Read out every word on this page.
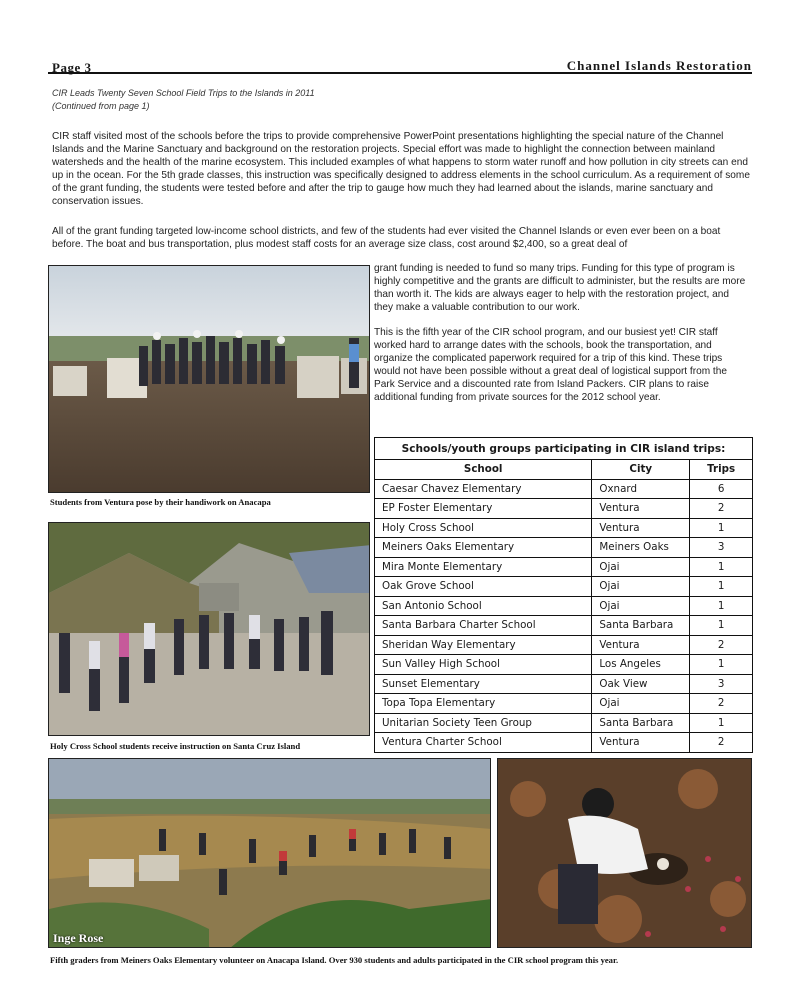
Page 3	Channel Islands Restoration
CIR Leads Twenty Seven School Field Trips to the Islands in 2011
(Continued from page 1)

CIR staff visited most of the schools before the trips to provide comprehensive PowerPoint presentations highlighting the special nature of the Channel Islands and the Marine Sanctuary and background on the restoration projects. Special effort was made to highlight the connection between mainland watersheds and the health of the marine ecosystem. This included examples of what happens to storm water runoff and how pollution in city streets can end up in the ocean. For the 5th grade classes, this instruction was specifically designed to address elements in the school curriculum. As a requirement of some of the grant funding, the students were tested before and after the trip to gauge how much they had learned about the islands, marine sanctuary and conservation issues.

All of the grant funding targeted low-income school districts, and few of the students had ever visited the Channel Islands or even ever been on a boat before. The boat and bus transportation, plus modest staff costs for an average size class, cost around $2,400, so a great deal of

grant funding is needed to fund so many trips. Funding for this type of program is highly competitive and the grants are difficult to administer, but the results are more than worth it. The kids are always eager to help with the restoration project, and they make a valuable contribution to our work.

This is the fifth year of the CIR school program, and our busiest yet! CIR staff worked hard to arrange dates with the schools, book the transportation, and organize the complicated paperwork required for a trip of this kind. These trips would not have been possible without a great deal of logistical support from the Park Service and a discounted rate from Island Packers. CIR plans to raise additional funding from private sources for the 2012 school year.

Students from Ventura pose by their handiwork on Anacapa
Holy Cross School students receive instruction on Santa Cruz Island
Schools/youth groups participating in CIR island trips:		
School	City	Trips
Caesar Chavez Elementary	Oxnard	6
EP Foster Elementary	Ventura	2
Holy Cross School	Ventura	1
Meiners Oaks Elementary	Meiners Oaks	3
Mira Monte Elementary	Ojai	1
Oak Grove School	Ojai	1
San Antonio School	Ojai	1
Santa Barbara Charter School	Santa Barbara	1
Sheridan Way Elementary	Ventura	2
Sun Valley High School	Los Angeles	1
Sunset Elementary	Oak View	3
Topa Topa Elementary	Ojai	2
Unitarian Society Teen Group	Santa Barbara	1
Ventura Charter School	Ventura	2
Inge Rose
Fifth graders from Meiners Oaks Elementary volunteer on Anacapa Island. Over 930 students and adults participated in the CIR school program this year.
